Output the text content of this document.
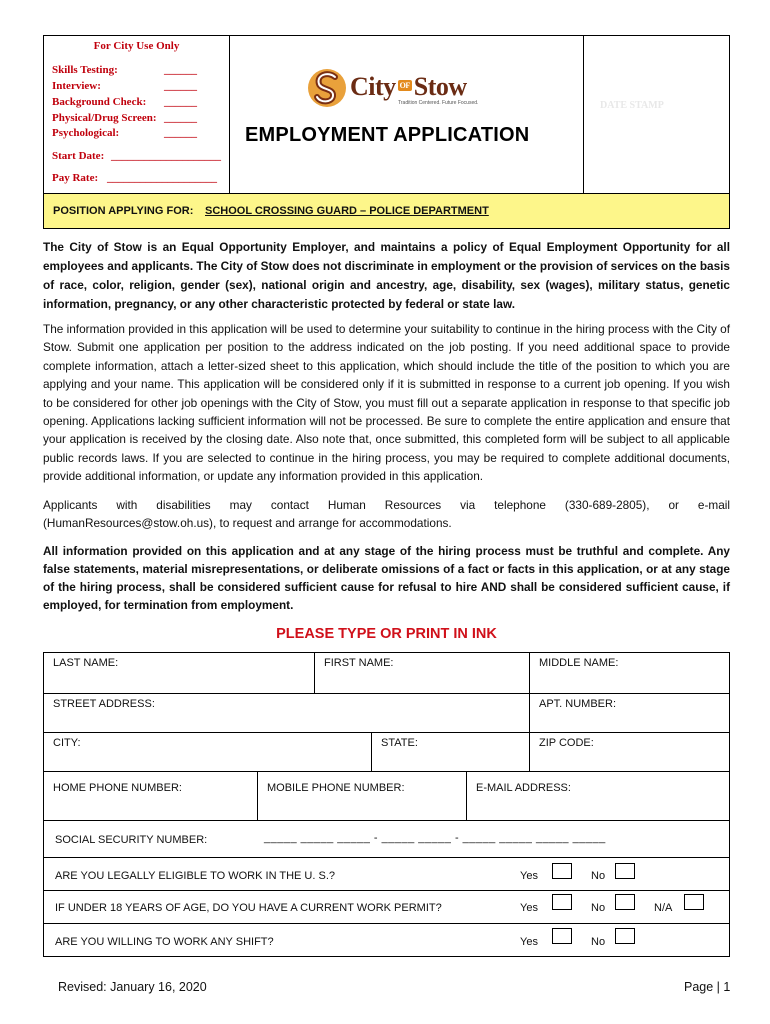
For City Use Only
Skills Testing:	______
Interview:	______
Background Check: ______
Physical/Drug Screen: ______
Psychological:	______
Start Date: ____________________
Pay Rate: ____________________
City OF Stow
Tradition Centered. Future Focused.
EMPLOYMENT APPLICATION
DATE STAMP
POSITION APPLYING FOR: SCHOOL CROSSING GUARD – POLICE DEPARTMENT

The City of Stow is an Equal Opportunity Employer, and maintains a policy of Equal Employment Opportunity for all employees and applicants. The City of Stow does not discriminate in employment or the provision of services on the basis of race, color, religion, gender (sex), national origin and ancestry, age, disability, sex (wages), military status, genetic information, pregnancy, or any other characteristic protected by federal or state law.

The information provided in this application will be used to determine your suitability to continue in the hiring process with the City of Stow. Submit one application per position to the address indicated on the job posting. If you need additional space to provide complete information, attach a letter-sized sheet to this application, which should include the title of the position to which you are applying and your name. This application will be considered only if it is submitted in response to a current job opening. If you wish to be considered for other job openings with the City of Stow, you must fill out a separate application in response to that specific job opening. Applications lacking sufficient information will not be processed. Be sure to complete the entire application and ensure that your application is received by the closing date. Also note that, once submitted, this completed form will be subject to all applicable public records laws. If you are selected to continue in the hiring process, you may be required to complete additional documents, provide additional information, or update any information provided in this application.

Applicants with disabilities may contact Human Resources via telephone (330-689-2805), or e-mail (HumanResources@stow.oh.us), to request and arrange for accommodations.

All information provided on this application and at any stage of the hiring process must be truthful and complete. Any false statements, material misrepresentations, or deliberate omissions of a fact or facts in this application, or at any stage of the hiring process, shall be considered sufficient cause for refusal to hire AND shall be considered sufficient cause, if employed, for termination from employment.

PLEASE TYPE OR PRINT IN INK
LAST NAME:	FIRST NAME:	MIDDLE NAME:
STREET ADDRESS:	APT. NUMBER:
CITY:	STATE:	ZIP CODE:
HOME PHONE NUMBER:	MOBILE PHONE NUMBER:	E-MAIL ADDRESS:
SOCIAL SECURITY NUMBER:	_____ _____ _____ - _____ _____ - _____ _____ _____ _____
ARE YOU LEGALLY ELIGIBLE TO WORK IN THE U. S.?	Yes	No
IF UNDER 18 YEARS OF AGE, DO YOU HAVE A CURRENT WORK PERMIT?	Yes	No	N/A
ARE YOU WILLING TO WORK ANY SHIFT?	Yes	No
Revised: January 16, 2020	Page | 1
